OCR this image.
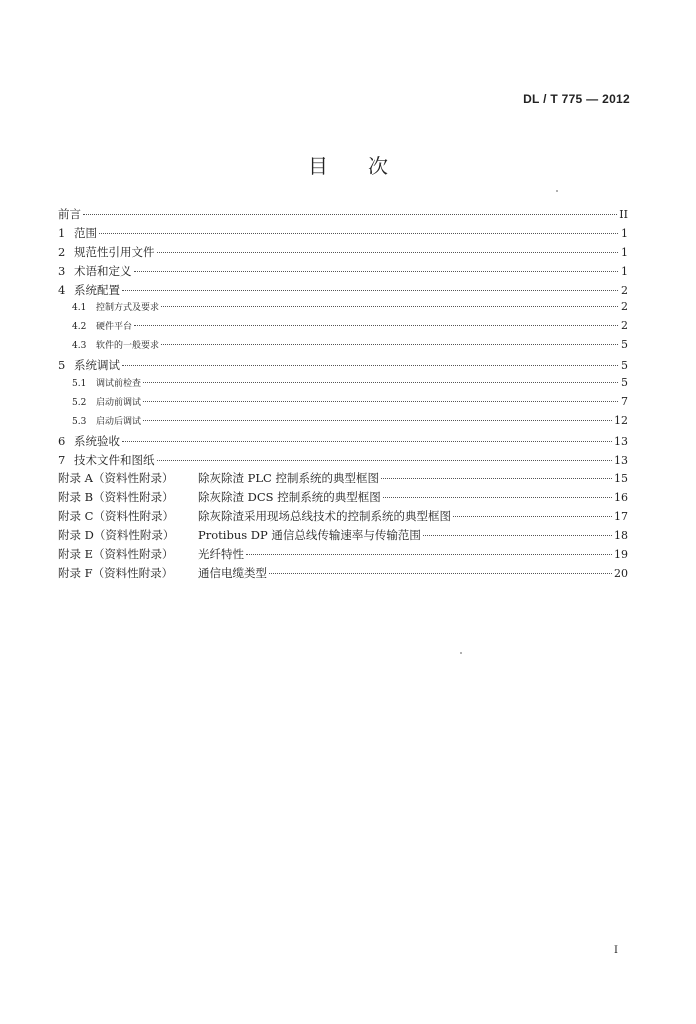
DL / T 775 — 2012
目次
前言	II
1 范围	1
2 规范性引用文件	1
3 术语和定义	1
4 系统配置	2
4.1	控制方式及要求	2
4.2	硬件平台	2
4.3	软件的一般要求	5
5 系统调试	5
5.1	调试前检查	5
5.2	启动前调试	7
5.3	启动后调试	12
6 系统验收	13
7 技术文件和图纸	13
附录 A（资料性附录）	除灰除渣 PLC 控制系统的典型框图	15
附录 B（资料性附录）	除灰除渣 DCS 控制系统的典型框图	16
附录 C（资料性附录）	除灰除渣采用现场总线技术的控制系统的典型框图	17
附录 D（资料性附录）	Protibus DP 通信总线传输速率与传输范围	18
附录 E（资料性附录）	光纤特性	19
附录 F（资料性附录）	通信电缆类型	20
I
